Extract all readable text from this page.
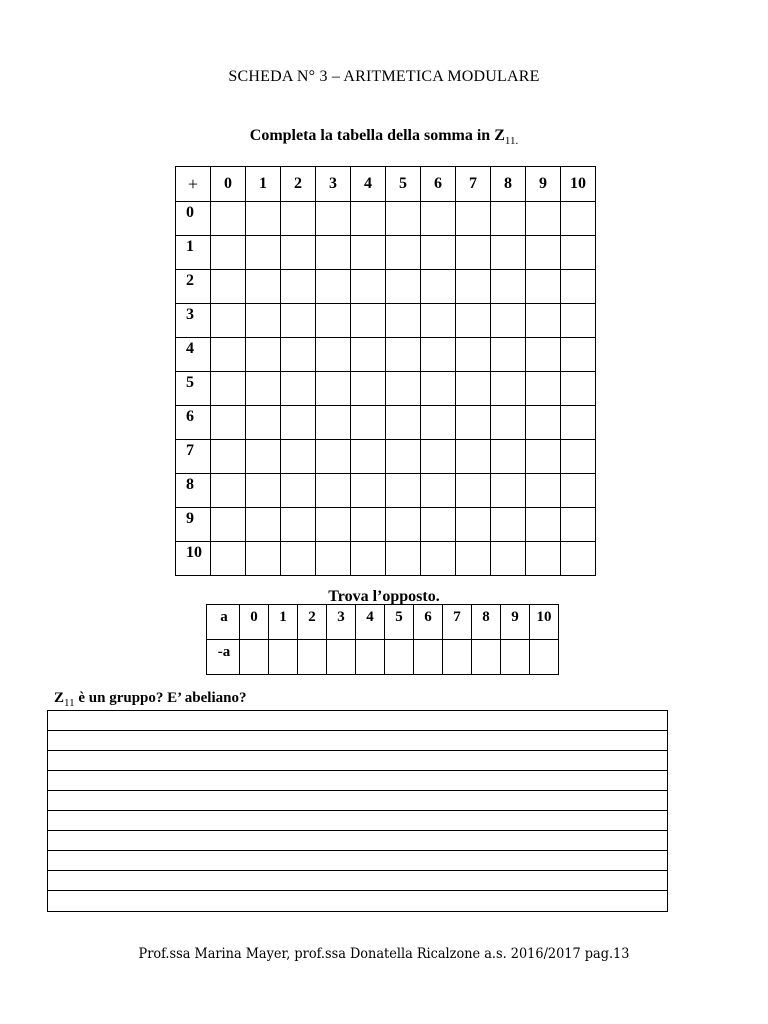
SCHEDA N° 3 – ARITMETICA MODULARE
Completa la tabella della somma in $Z_{11.}$
+	0	1	2	3	4	5	6	7	8	9	10
0											
1											
2											
3											
4											
5											
6											
7											
8											
9											
10											
Trova l’opposto.
a	0	1	2	3	4	5	6	7	8	9	10
-a											
$Z_{11}$ è un gruppo? E’ abeliano?
Prof.ssa Marina Mayer, prof.ssa Donatella Ricalzone a.s. 2016/2017 pag.13
